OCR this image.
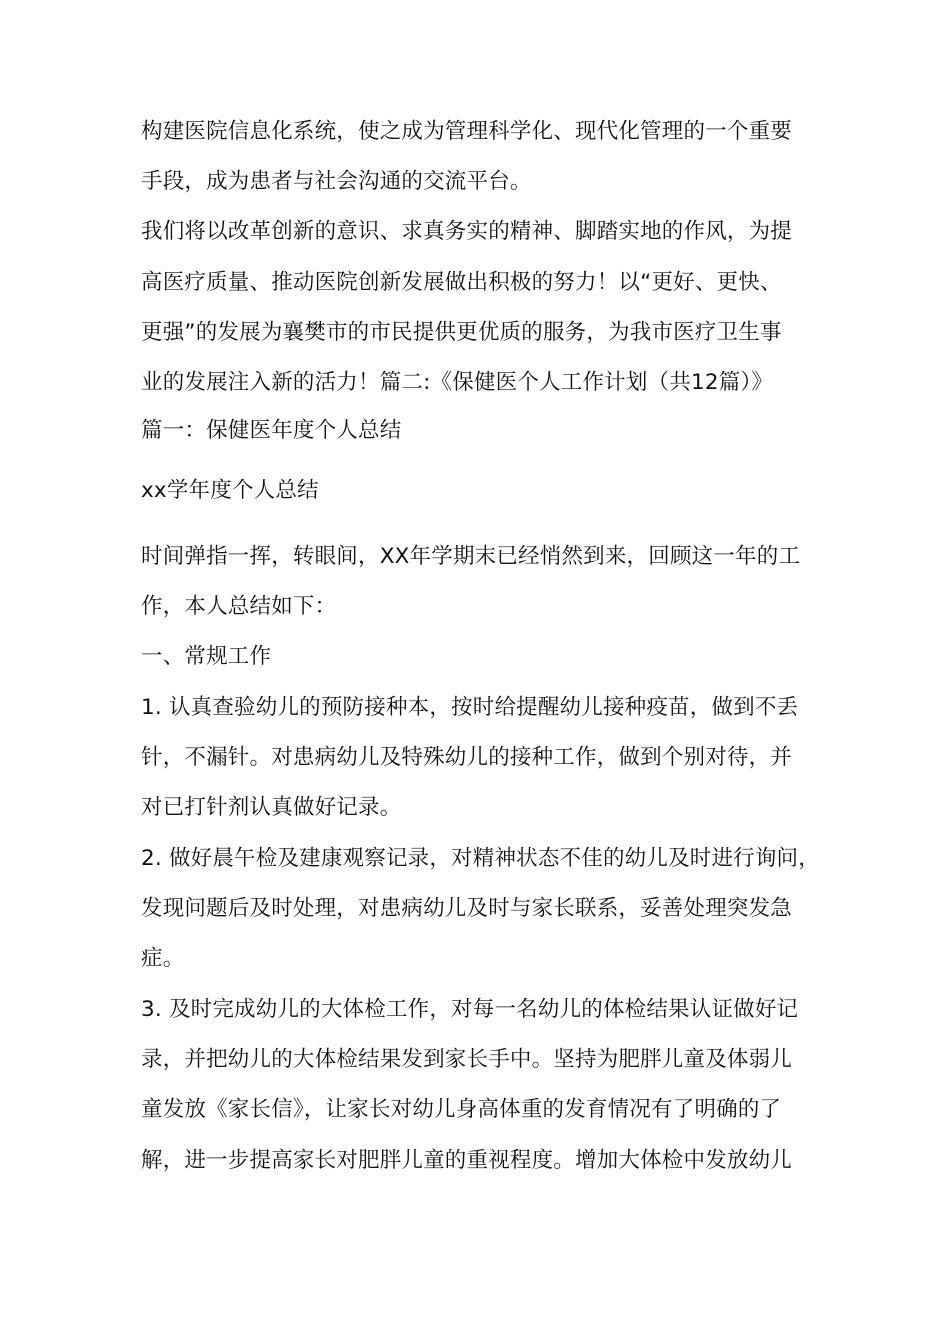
构建医院信息化系统，使之成为管理科学化、现代化管理的一个重要
手段，成为患者与社会沟通的交流平台。
我们将以改革创新的意识、求真务实的精神、脚踏实地的作风，为提
高医疗质量、推动医院创新发展做出积极的努力！以“更好、更快、
更强”的发展为襄樊市的市民提供更优质的服务，为我市医疗卫生事
业的发展注入新的活力！篇二:《保健医个人工作计划（共12篇）》
篇一：保健医年度个人总结
xx学年度个人总结
时间弹指一挥，转眼间，XX年学期末已经悄然到来，回顾这一年的工
作，本人总结如下：
一、常规工作
1. 认真查验幼儿的预防接种本，按时给提醒幼儿接种疫苗，做到不丢
针，不漏针。对患病幼儿及特殊幼儿的接种工作，做到个别对待，并
对已打针剂认真做好记录。
2. 做好晨午检及建康观察记录，对精神状态不佳的幼儿及时进行询问，
发现问题后及时处理，对患病幼儿及时与家长联系，妥善处理突发急
症。
3. 及时完成幼儿的大体检工作，对每一名幼儿的体检结果认证做好记
录，并把幼儿的大体检结果发到家长手中。坚持为肥胖儿童及体弱儿
童发放《家长信》，让家长对幼儿身高体重的发育情况有了明确的了
解，进一步提高家长对肥胖儿童的重视程度。增加大体检中发放幼儿
